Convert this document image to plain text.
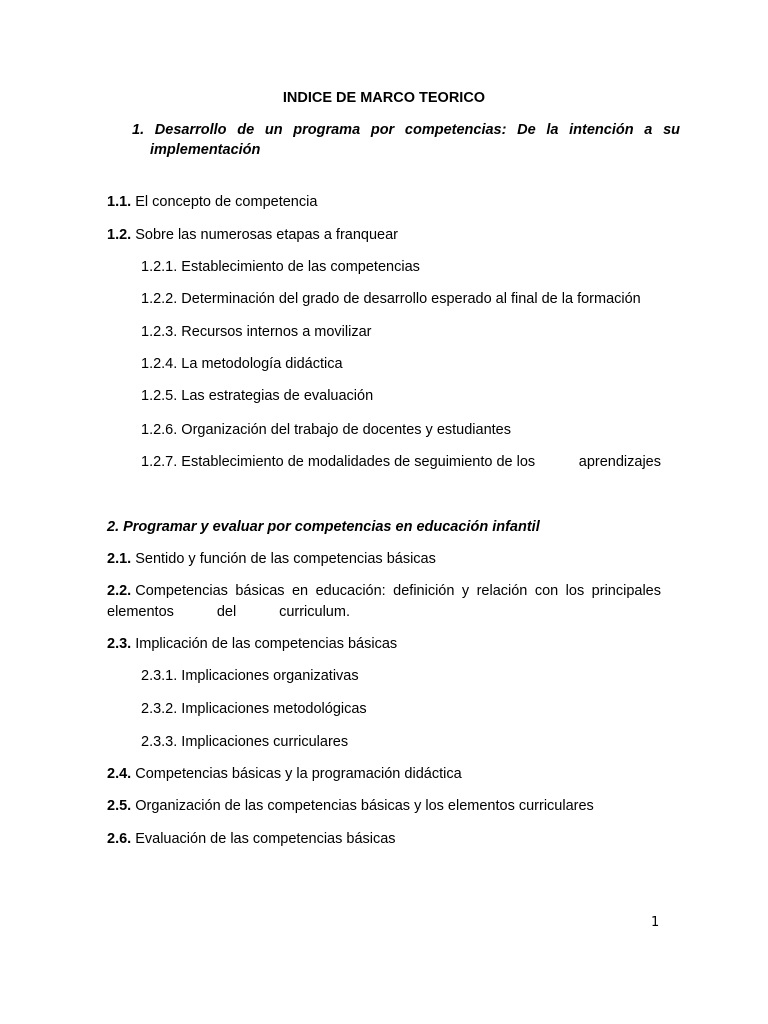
INDICE DE MARCO TEORICO
1. Desarrollo de un programa por competencias: De la intención a su
implementación
1.1. El concepto de competencia
1.2. Sobre las numerosas etapas a franquear
1.2.1. Establecimiento de las competencias
1.2.2. Determinación del grado de desarrollo esperado al final de la formación
1.2.3. Recursos internos a movilizar
1.2.4. La metodología didáctica
1.2.5. Las estrategias de evaluación
1.2.6. Organización del trabajo de docentes y estudiantes
1.2.7. Establecimiento de modalidades de seguimiento de los	aprendizajes
2. Programar y evaluar por competencias en educación infantil
2.1. Sentido y función de las competencias básicas
2.2. Competencias básicas en educación: definición y relación con los principales
elementos	del	curriculum.
2.3. Implicación de las competencias básicas
2.3.1. Implicaciones organizativas
2.3.2. Implicaciones metodológicas
2.3.3. Implicaciones curriculares
2.4. Competencias básicas y la programación didáctica
2.5. Organización de las competencias básicas y los elementos curriculares
2.6. Evaluación de las competencias básicas
1
